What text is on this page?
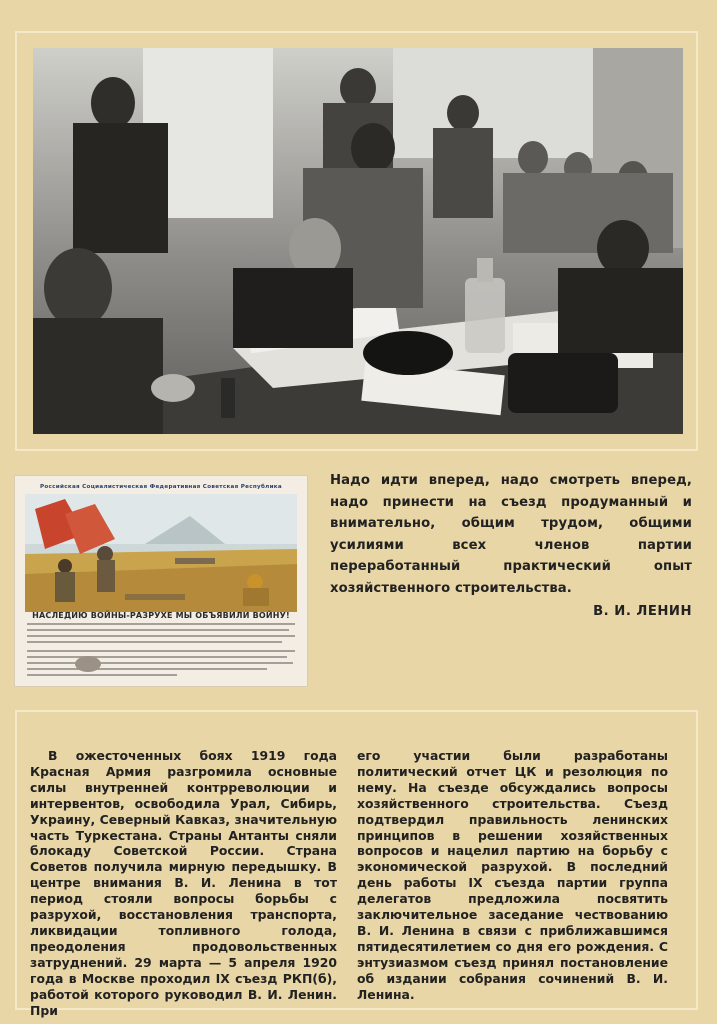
Надо идти вперед, надо смотреть вперед, надо принести на съезд продуманный и внимательно, общим трудом, общими усилиями всех членов партии переработанный практический опыт хозяйственного строительства.
В. И. ЛЕНИН
Российская Социалистическая Федеративная Советская Республика
НАСЛЕДИЮ ВОЙНЫ-РАЗРУХЕ МЫ ОБЪЯВИЛИ ВОЙНУ!
В ожесточенных боях 1919 года Красная Армия разгромила основные силы внутренней контрреволюции и интервентов, освободила Урал, Сибирь, Украину, Северный Кавказ, значительную часть Туркестана. Страны Антанты сняли блокаду Советской России. Страна Советов получила мирную передышку. В центре внимания В. И. Ленина в тот период стояли вопросы борьбы с разрухой, восстановления транспорта, ликвидации топливного голода, преодоления продовольственных затруднений. 29 марта — 5 апреля 1920 года в Москве проходил IX съезд РКП(б), работой которого руководил В. И. Ленин. При
его участии были разработаны политический отчет ЦК и резолюция по нему. На съезде обсуждались вопросы хозяйственного строительства. Съезд подтвердил правильность ленинских принципов в решении хозяйственных вопросов и нацелил партию на борьбу с экономической разрухой. В последний день работы IX съезда партии группа делегатов предложила посвятить заключительное заседание чествованию В. И. Ленина в связи с приближавшимся пятидесятилетием со дня его рождения. С энтузиазмом съезд принял постановление об издании собрания сочинений В. И. Ленина.
